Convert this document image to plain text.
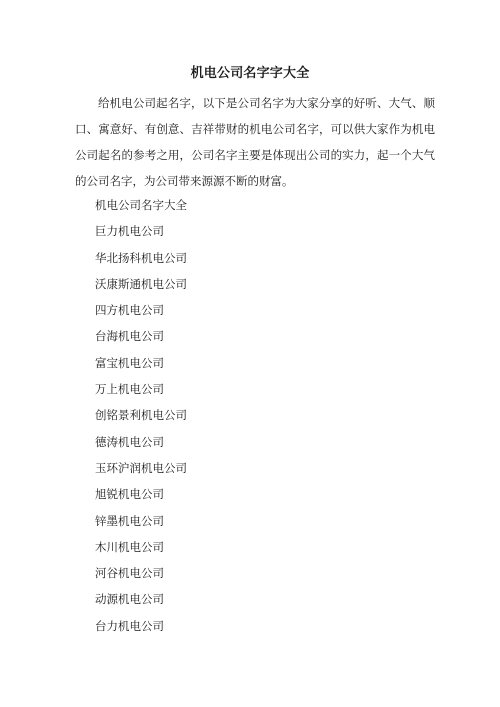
机电公司名字字大全

给机电公司起名字，以下是公司名字为大家分享的好听、大气、顺口、寓意好、有创意、吉祥带财的机电公司名字，可以供大家作为机电公司起名的参考之用，公司名字主要是体现出公司的实力，起一个大气的公司名字，为公司带来源源不断的财富。

机电公司名字大全
巨力机电公司
华北扬科机电公司
沃康斯通机电公司
四方机电公司
台海机电公司
富宝机电公司
万上机电公司
创铭景利机电公司
德涛机电公司
玉环沪润机电公司
旭锐机电公司
锌墨机电公司
木川机电公司
河谷机电公司
动源机电公司
台力机电公司
